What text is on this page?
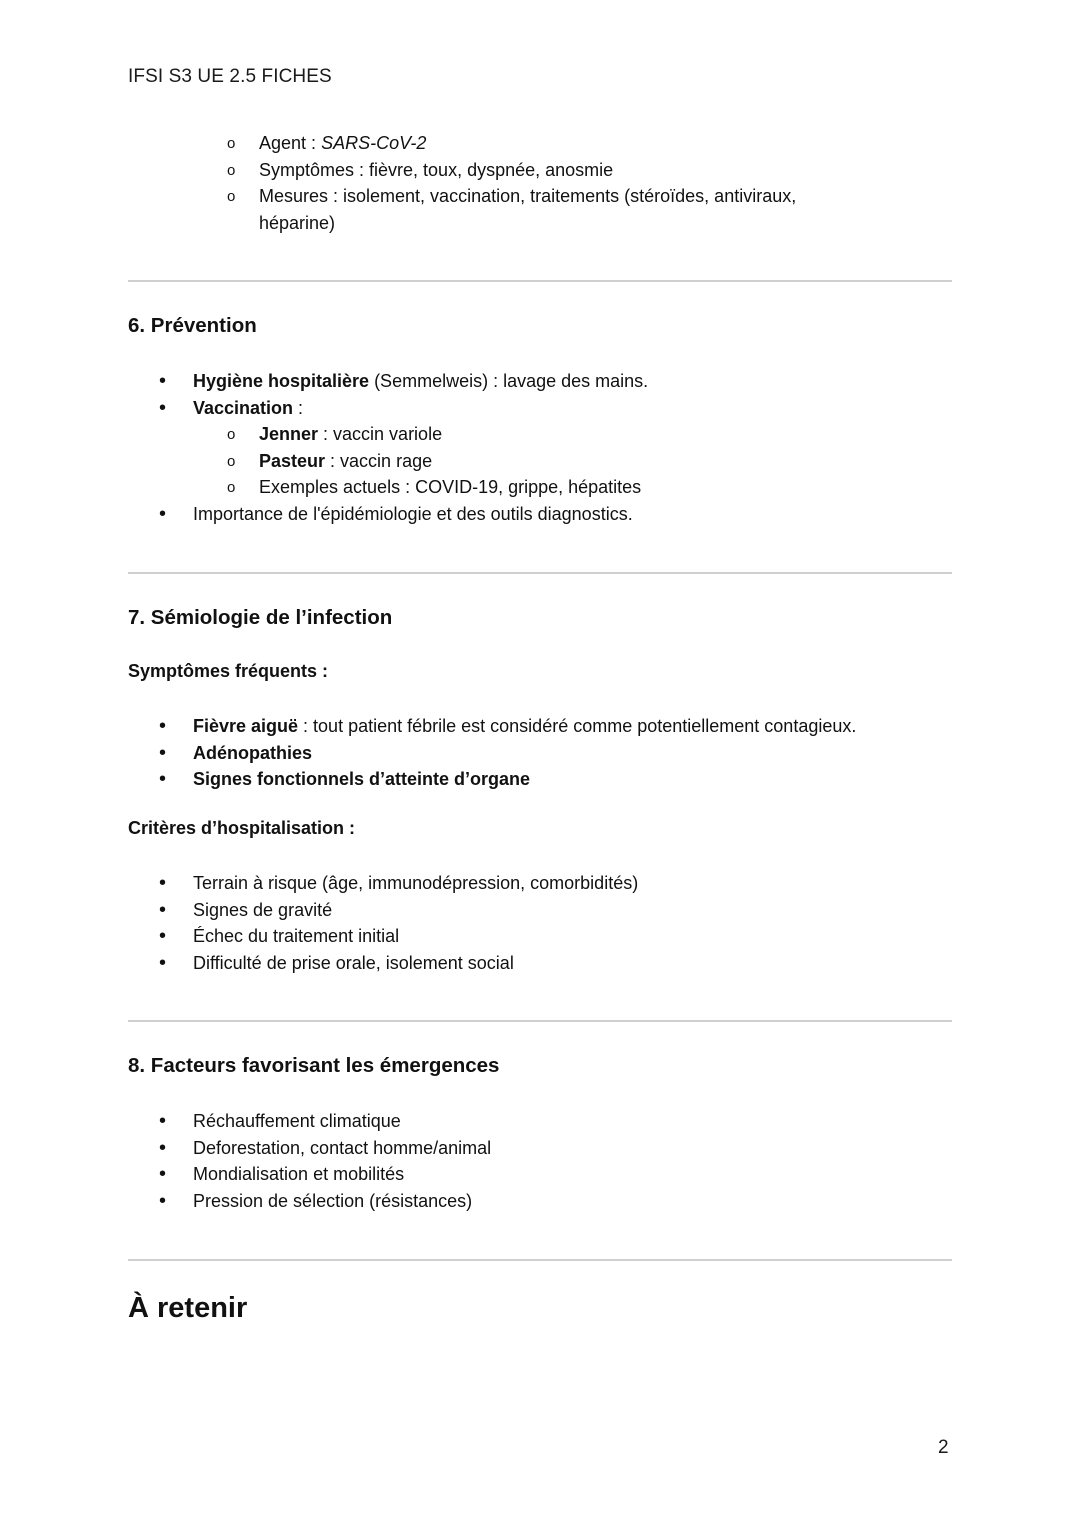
IFSI S3 UE 2.5 FICHES
o Agent : SARS-CoV-2
o Symptômes : fièvre, toux, dyspnée, anosmie
o Mesures : isolement, vaccination, traitements (stéroïdes, antiviraux,
héparine)
6. Prévention
• Hygiène hospitalière (Semmelweis) : lavage des mains.
• Vaccination :
o Jenner : vaccin variole
o Pasteur : vaccin rage
o Exemples actuels : COVID-19, grippe, hépatites
• Importance de l'épidémiologie et des outils diagnostics.
7. Sémiologie de l’infection
Symptômes fréquents :
• Fièvre aiguë : tout patient fébrile est considéré comme potentiellement contagieux.
• Adénopathies
• Signes fonctionnels d’atteinte d’organe
Critères d’hospitalisation :
• Terrain à risque (âge, immunodépression, comorbidités)
• Signes de gravité
• Échec du traitement initial
• Difficulté de prise orale, isolement social
8. Facteurs favorisant les émergences
• Réchauffement climatique
• Deforestation, contact homme/animal
• Mondialisation et mobilités
• Pression de sélection (résistances)
À retenir
2
